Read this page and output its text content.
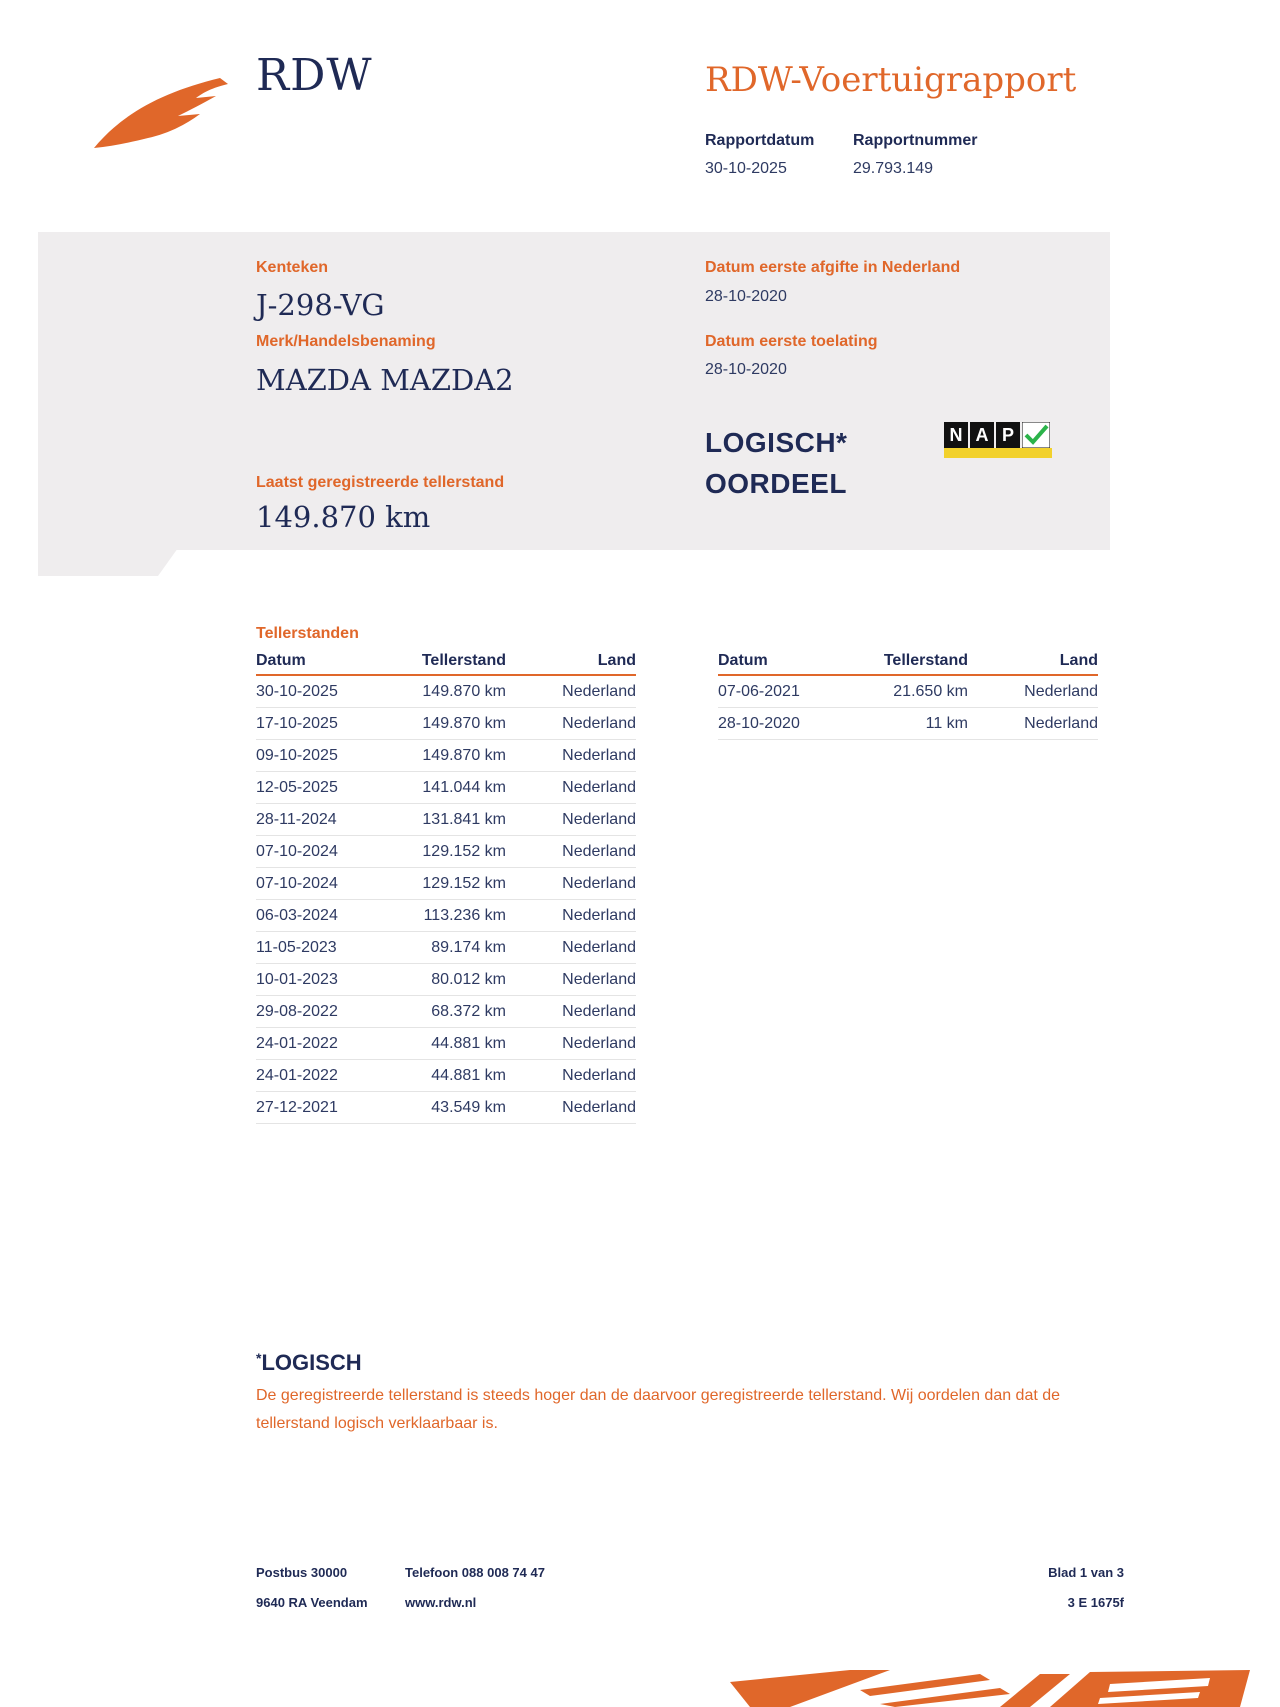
RDW	RDW-Voertuigrapport
Rapportdatum
30-10-2025
Rapportnummer
29.793.149
Kenteken
J-298-VG
Merk/Handelsbenaming
MAZDA MAZDA2
Laatst geregistreerde tellerstand
149.870 km
Datum eerste afgifte in Nederland
28-10-2020
Datum eerste toelating
28-10-2020
LOGISCH*
OORDEEL
N A P
Tellerstanden
Datum	Tellerstand	Land
30-10-2025	149.870 km	Nederland
17-10-2025	149.870 km	Nederland
09-10-2025	149.870 km	Nederland
12-05-2025	141.044 km	Nederland
28-11-2024	131.841 km	Nederland
07-10-2024	129.152 km	Nederland
07-10-2024	129.152 km	Nederland
06-03-2024	113.236 km	Nederland
11-05-2023	89.174 km	Nederland
10-01-2023	80.012 km	Nederland
29-08-2022	68.372 km	Nederland
24-01-2022	44.881 km	Nederland
24-01-2022	44.881 km	Nederland
27-12-2021	43.549 km	Nederland
Datum	Tellerstand	Land
07-06-2021	21.650 km	Nederland
28-10-2020	11 km	Nederland
*LOGISCH
De geregistreerde tellerstand is steeds hoger dan de daarvoor geregistreerde tellerstand. Wij oordelen dan dat de tellerstand logisch verklaarbaar is.
Postbus 30000
9640 RA Veendam
Telefoon 088 008 74 47
www.rdw.nl
Blad 1 van 3
3 E 1675f
